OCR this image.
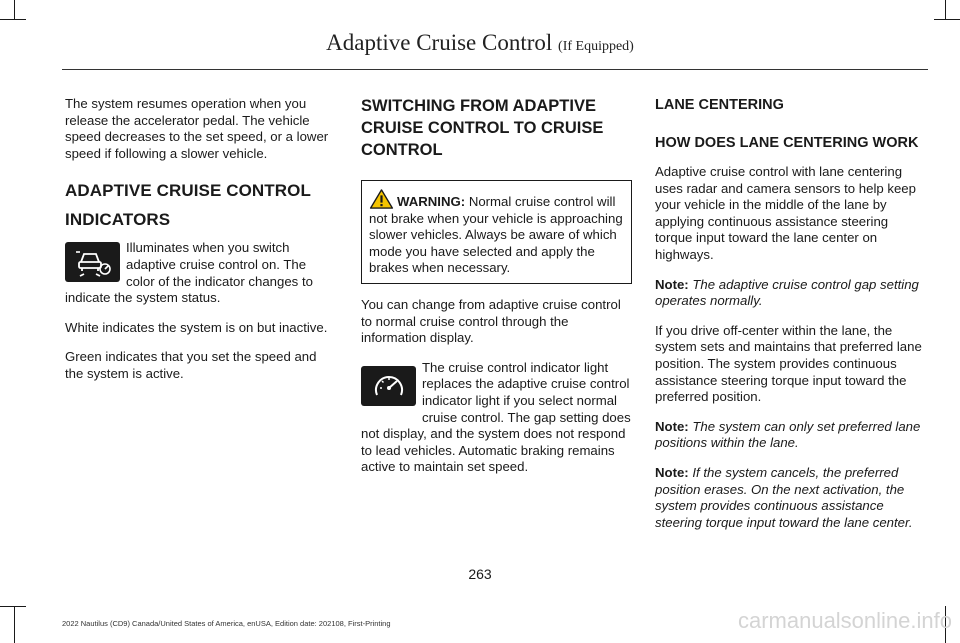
Adaptive Cruise Control (If Equipped)

The system resumes operation when you release the accelerator pedal. The vehicle speed decreases to the set speed, or a lower speed if following a slower vehicle.

ADAPTIVE CRUISE CONTROL
INDICATORS

Illuminates when you switch adaptive cruise control on. The color of the indicator changes to indicate the system status.

White indicates the system is on but inactive.

Green indicates that you set the speed and the system is active.

SWITCHING FROM ADAPTIVE
CRUISE CONTROL TO CRUISE
CONTROL

WARNING: Normal cruise control will not brake when your vehicle is approaching slower vehicles. Always be aware of which mode you have selected and apply the brakes when necessary.

You can change from adaptive cruise control to normal cruise control through the information display.

The cruise control indicator light replaces the adaptive cruise control indicator light if you select normal cruise control. The gap setting does not display, and the system does not respond to lead vehicles. Automatic braking remains active to maintain set speed.

LANE CENTERING

HOW DOES LANE CENTERING WORK

Adaptive cruise control with lane centering uses radar and camera sensors to help keep your vehicle in the middle of the lane by applying continuous assistance steering torque input toward the lane center on highways.

Note: The adaptive cruise control gap setting operates normally.

If you drive off-center within the lane, the system sets and maintains that preferred lane position. The system provides continuous assistance steering torque input toward the preferred position.

Note: The system can only set preferred lane positions within the lane.

Note: If the system cancels, the preferred position erases. On the next activation, the system provides continuous assistance steering torque input toward the lane center.

263
2022 Nautilus (CD9) Canada/United States of America, enUSA, Edition date: 202108, First-Printing	carmanualsonline.info
